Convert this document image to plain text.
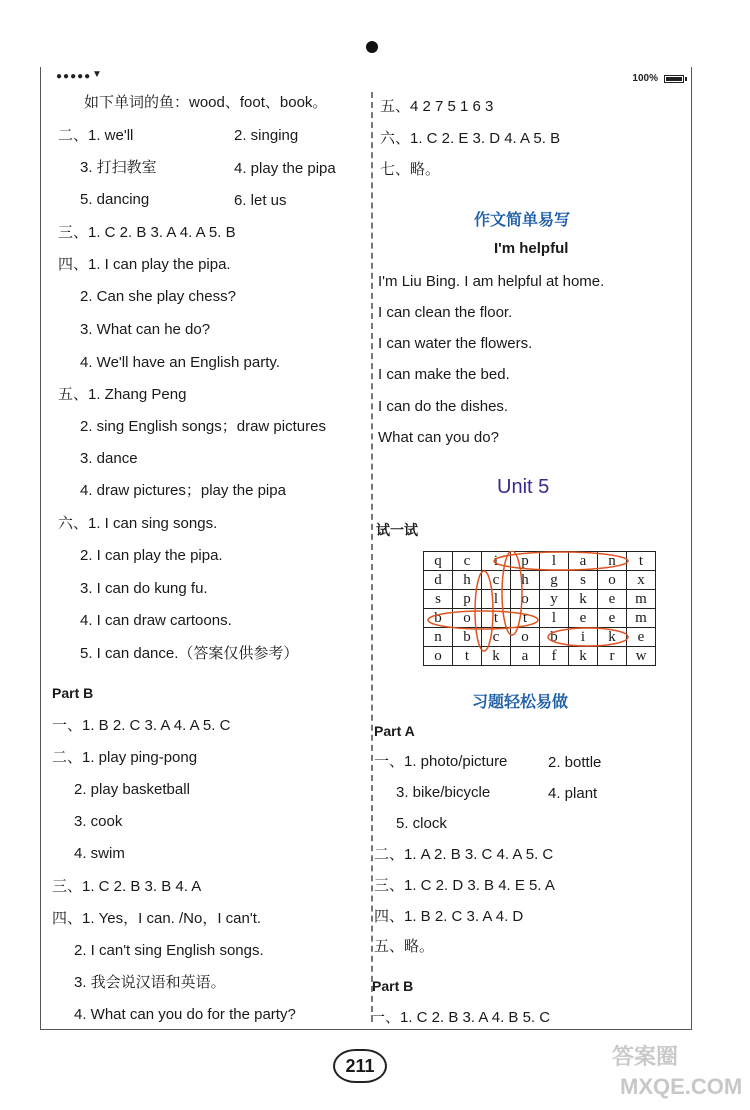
●●●●● ▼	100%
如下单词的鱼：wood、foot、book。
二、1. we'll	2. singing
3. 打扫教室	4. play the pipa
5. dancing	6. let us
三、1. C 2. B 3. A 4. A 5. B
四、1. I can play the pipa.
2. Can she play chess?
3. What can he do?
4. We'll have an English party.
五、1. Zhang Peng
2. sing English songs；draw pictures
3. dance
4. draw pictures；play the pipa
六、1. I can sing songs.
2. I can play the pipa.
3. I can do kung fu.
4. I can draw cartoons.
5. I can dance.（答案仅供参考）
Part B
一、1. B 2. C 3. A 4. A 5. C
二、1. play ping-pong
2. play basketball
3. cook
4. swim
三、1. C 2. B 3. B 4. A
四、1. Yes，I can. /No，I can't.
2. I can't sing English songs.
3. 我会说汉语和英语。
4. What can you do for the party?
五、4 2 7 5 1 6 3
六、1. C 2. E 3. D 4. A 5. B
七、略。
作文简单易写
I'm helpful
I'm Liu Bing. I am helpful at home.
I can clean the floor.
I can water the flowers.
I can make the bed.
I can do the dishes.
What can you do?
Unit 5
试一试
q	c	i	p	l	a	n	t
d	h	c	h	g	s	o	x
s	p	l	o	y	k	e	m
b	o	t	t	l	e	e	m
n	b	c	o	b	i	k	e
o	t	k	a	f	k	r	w
习题轻松易做
Part A
一、1. photo/picture	2. bottle
3. bike/bicycle	4. plant
5. clock
二、1. A 2. B 3. C 4. A 5. C
三、1. C 2. D 3. B 4. E 5. A
四、1. B 2. C 3. A 4. D
五、略。
Part B
一、1. C 2. B 3. A 4. B 5. C
211	答案圈
MXQE.COM
